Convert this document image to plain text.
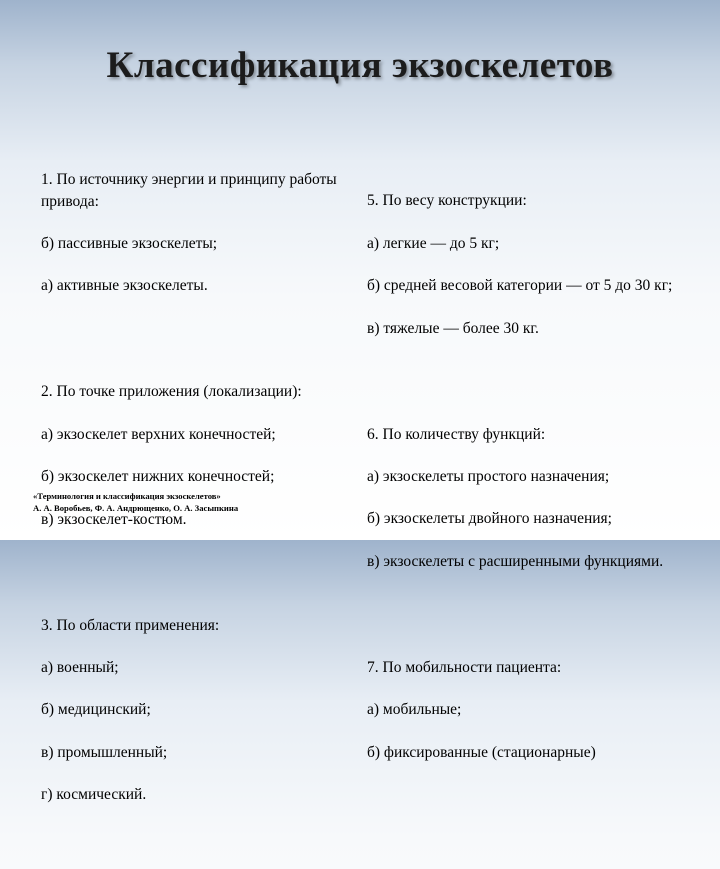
Классификация экзоскелетов

1. По источнику энергии и принципу работы привода:

б) пассивные экзоскелеты;

а) активные экзоскелеты.

2. По точке приложения (локализации):

а) экзоскелет верхних конечностей;

б) экзоскелет нижних конечностей;

в) экзоскелет-костюм.

3. По области применения:

а) военный;

б) медицинский;

в) промышленный;

г) космический.

5. По весу конструкции:

а) легкие — до 5 кг;

б) средней весовой категории — от 5 до 30 кг;

в) тяжелые — более 30 кг.

6. По количеству функций:

а) экзоскелеты простого назначения;

б) экзоскелеты двойного назначения;

в) экзоскелеты с расширенными функциями.

7. По мобильности пациента:

а) мобильные;

б) фиксированные (стационарные)

«Терминология и классификация экзоскелетов»
А. А. Воробьев, Ф. А. Андрющенко, О. А. Засыпкина
